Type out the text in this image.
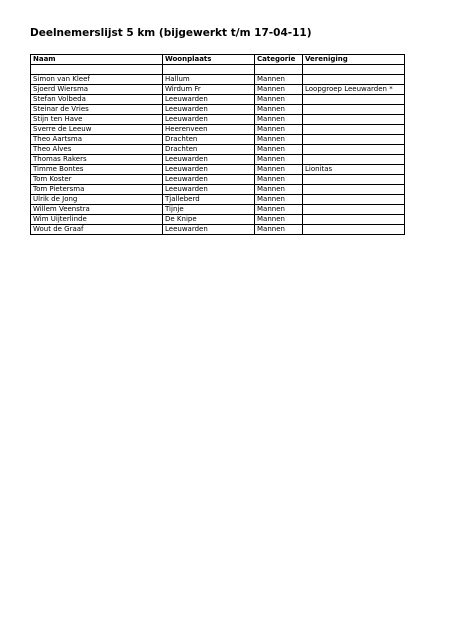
Deelnemerslijst 5 km (bijgewerkt t/m 17-04-11)
Naam	Woonplaats	Categorie	Vereniging

Simon van Kleef	Hallum	Mannen	
Sjoerd Wiersma	Wirdum Fr	Mannen	Loopgroep Leeuwarden *
Stefan Volbeda	Leeuwarden	Mannen	
Steinar de Vries	Leeuwarden	Mannen	
Stijn ten Have	Leeuwarden	Mannen	
Sverre de Leeuw	Heerenveen	Mannen	
Theo Aartsma	Drachten	Mannen	
Theo Alves	Drachten	Mannen	
Thomas Rakers	Leeuwarden	Mannen	
Timme Bontes	Leeuwarden	Mannen	Lionitas
Tom Koster	Leeuwarden	Mannen	
Tom Pietersma	Leeuwarden	Mannen	
Ulrik de Jong	Tjalleberd	Mannen	
Willem Veenstra	Tijnje	Mannen	
Wim Uijterlinde	De Knipe	Mannen	
Wout de Graaf	Leeuwarden	Mannen	
